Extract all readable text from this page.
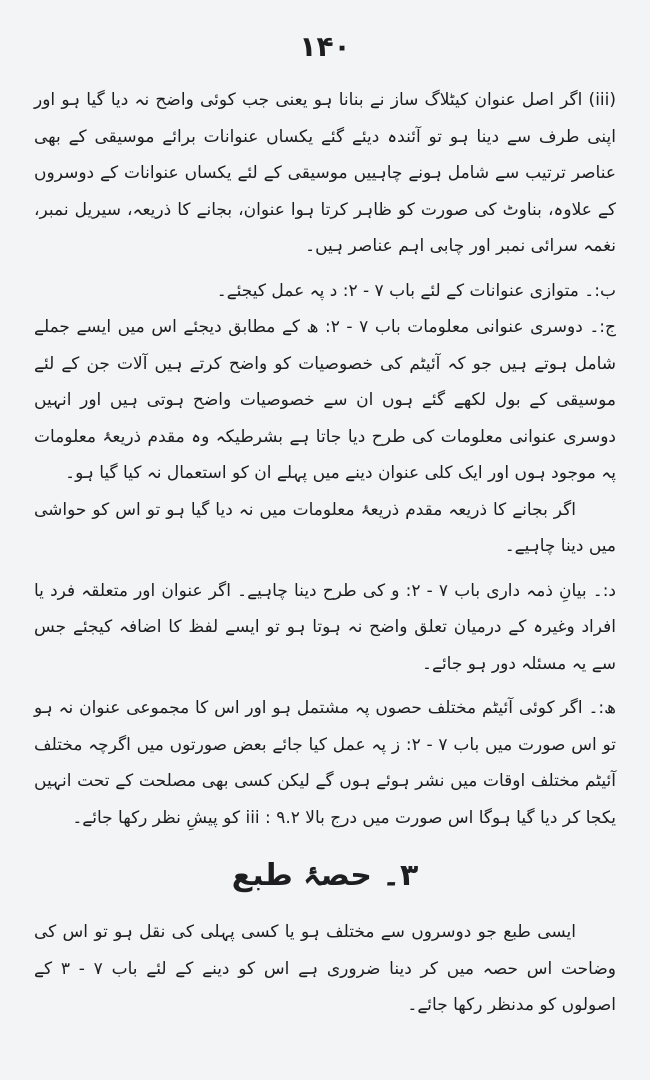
۱۴۰

(iii) اگر اصل عنوان کیٹلاگ ساز نے بنانا ہو یعنی جب کوئی واضح نہ دیا گیا ہو اور اپنی طرف سے دینا ہو تو آئندہ دیئے گئے یکساں عنوانات برائے موسیقی کے بھی عناصر ترتیب سے شامل ہونے چاہییں موسیقی کے لئے یکساں عنوانات کے دوسروں کے علاوہ، بناوٹ کی صورت کو ظاہر کرتا ہوا عنوان، بجانے کا ذریعہ، سیریل نمبر، نغمہ سرائی نمبر اور چابی اہم عناصر ہیں۔

ب:۔ متوازی عنوانات کے لئے باب ۷ - ۲: د پہ عمل کیجئے۔

ج:۔ دوسری عنوانی معلومات باب ۷ - ۲: ھ کے مطابق دیجئے اس میں ایسے جملے شامل ہوتے ہیں جو کہ آئیٹم کی خصوصیات کو واضح کرتے ہیں آلات جن کے لئے موسیقی کے بول لکھے گئے ہوں ان سے خصوصیات واضح ہوتی ہیں اور انہیں دوسری عنوانی معلومات کی طرح دیا جاتا ہے بشرطیکہ وہ مقدم ذریعۂ معلومات پہ موجود ہوں اور ایک کلی عنوان دینے میں پہلے ان کو استعمال نہ کیا گیا ہو۔

اگر بجانے کا ذریعہ مقدم ذریعۂ معلومات میں نہ دیا گیا ہو تو اس کو حواشی میں دینا چاہیے۔

د:۔ بیانِ ذمہ داری باب ۷ - ۲: و کی طرح دینا چاہیے۔ اگر عنوان اور متعلقہ فرد یا افراد وغیرہ کے درمیان تعلق واضح نہ ہوتا ہو تو ایسے لفظ کا اضافہ کیجئے جس سے یہ مسئلہ دور ہو جائے۔

ھ:۔ اگر کوئی آئیٹم مختلف حصوں پہ مشتمل ہو اور اس کا مجموعی عنوان نہ ہو تو اس صورت میں باب ۷ - ۲: ز پہ عمل کیا جائے بعض صورتوں میں اگرچہ مختلف آئیٹم مختلف اوقات میں نشر ہوئے ہوں گے لیکن کسی بھی مصلحت کے تحت انہیں یکجا کر دیا گیا ہوگا اس صورت میں درج بالا ۹.۲ : iii کو پیشِ نظر رکھا جائے۔

۳۔ حصۂ طبع

ایسی طبع جو دوسروں سے مختلف ہو یا کسی پہلی کی نقل ہو تو اس کی وضاحت اس حصہ میں کر دینا ضروری ہے اس کو دینے کے لئے باب ۷ - ۳ کے اصولوں کو مدنظر رکھا جائے۔
